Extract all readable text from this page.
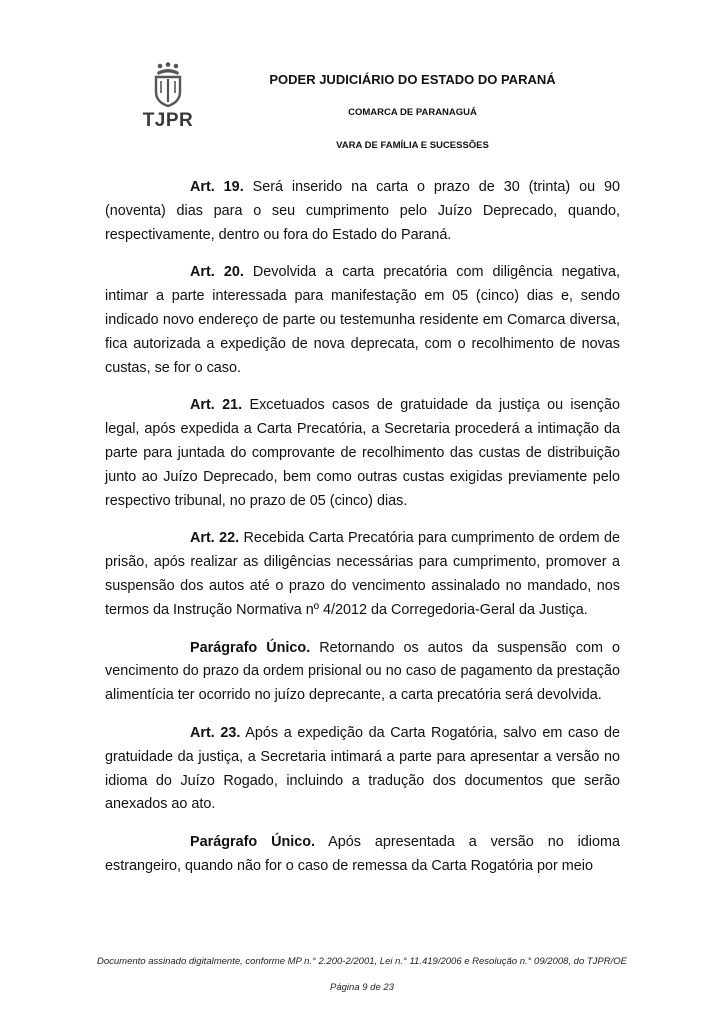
TJPR
PODER JUDICIÁRIO DO ESTADO DO PARANÁ
COMARCA DE PARANAGUÁ
VARA DE FAMÍLIA E SUCESSÕES

Art. 19. Será inserido na carta o prazo de 30 (trinta) ou 90 (noventa) dias para o seu cumprimento pelo Juízo Deprecado, quando, respectivamente, dentro ou fora do Estado do Paraná.

Art. 20. Devolvida a carta precatória com diligência negativa, intimar a parte interessada para manifestação em 05 (cinco) dias e, sendo indicado novo endereço de parte ou testemunha residente em Comarca diversa, fica autorizada a expedição de nova deprecata, com o recolhimento de novas custas, se for o caso.

Art. 21. Excetuados casos de gratuidade da justiça ou isenção legal, após expedida a Carta Precatória, a Secretaria procederá a intimação da parte para juntada do comprovante de recolhimento das custas de distribuição junto ao Juízo Deprecado, bem como outras custas exigidas previamente pelo respectivo tribunal, no prazo de 05 (cinco) dias.

Art. 22. Recebida Carta Precatória para cumprimento de ordem de prisão, após realizar as diligências necessárias para cumprimento, promover a suspensão dos autos até o prazo do vencimento assinalado no mandado, nos termos da Instrução Normativa nº 4/2012 da Corregedoria-Geral da Justiça.

Parágrafo Único. Retornando os autos da suspensão com o vencimento do prazo da ordem prisional ou no caso de pagamento da prestação alimentícia ter ocorrido no juízo deprecante, a carta precatória será devolvida.

Art. 23. Após a expedição da Carta Rogatória, salvo em caso de gratuidade da justiça, a Secretaria intimará a parte para apresentar a versão no idioma do Juízo Rogado, incluindo a tradução dos documentos que serão anexados ao ato.

Parágrafo Único. Após apresentada a versão no idioma estrangeiro, quando não for o caso de remessa da Carta Rogatória por meio

Documento assinado digitalmente, conforme MP n.° 2.200-2/2001, Lei n.° 11.419/2006 e Resolução n.° 09/2008, do TJPR/OE
Página 9 de 23
